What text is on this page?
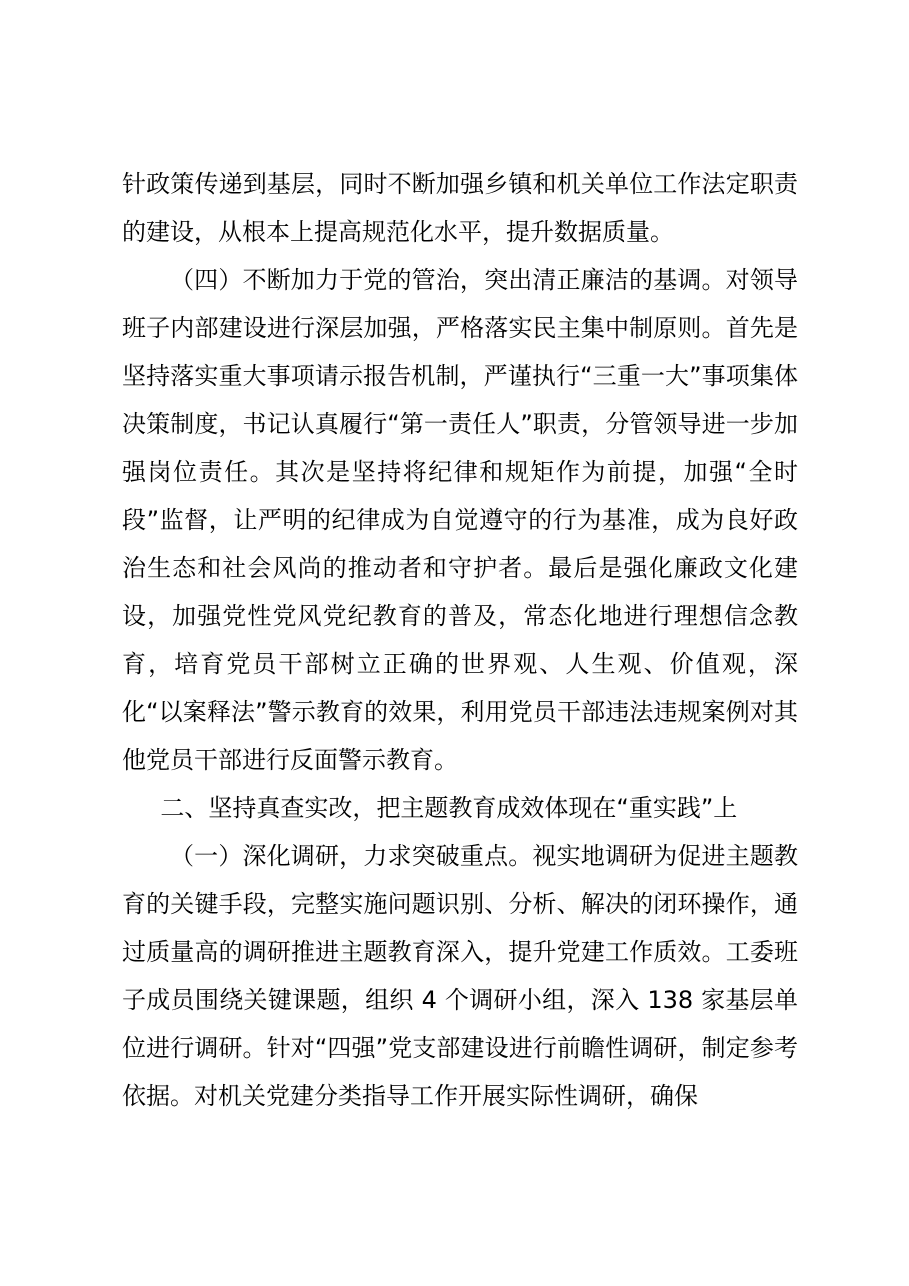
针政策传递到基层，同时不断加强乡镇和机关单位工作法定职责的建设，从根本上提高规范化水平，提升数据质量。

（四）不断加力于党的管治，突出清正廉洁的基调。对领导班子内部建设进行深层加强，严格落实民主集中制原则。首先是坚持落实重大事项请示报告机制，严谨执行“三重一大”事项集体决策制度，书记认真履行“第一责任人”职责，分管领导进一步加强岗位责任。其次是坚持将纪律和规矩作为前提，加强“全时段”监督，让严明的纪律成为自觉遵守的行为基准，成为良好政治生态和社会风尚的推动者和守护者。最后是强化廉政文化建设，加强党性党风党纪教育的普及，常态化地进行理想信念教育，培育党员干部树立正确的世界观、人生观、价值观，深化“以案释法”警示教育的效果，利用党员干部违法违规案例对其他党员干部进行反面警示教育。

二、坚持真查实改，把主题教育成效体现在“重实践”上

（一）深化调研，力求突破重点。视实地调研为促进主题教育的关键手段，完整实施问题识别、分析、解决的闭环操作，通过质量高的调研推进主题教育深入，提升党建工作质效。工委班子成员围绕关键课题，组织 4 个调研小组，深入 138 家基层单位进行调研。针对“四强”党支部建设进行前瞻性调研，制定参考依据。对机关党建分类指导工作开展实际性调研，确保
